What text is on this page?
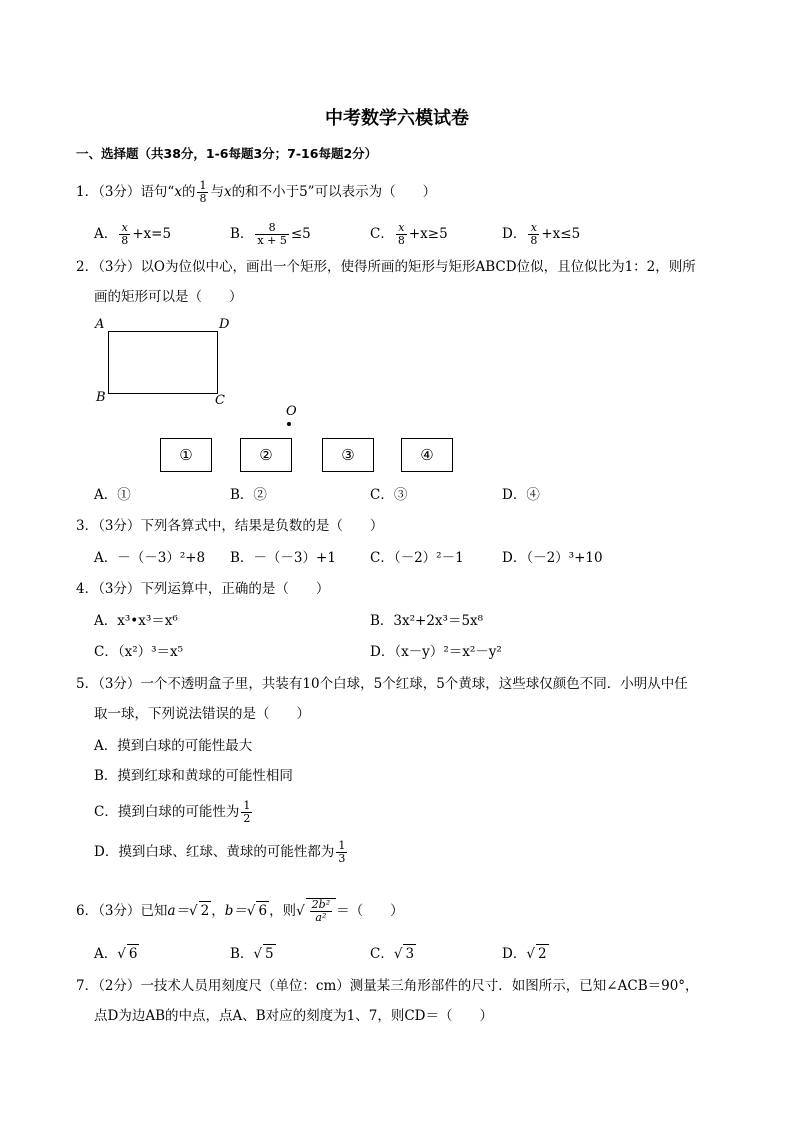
中考数学六模试卷
一、选择题（共38分，1-6每题3分；7-16每题2分）
1．（3分）语句“x的 $\frac{1}{8}$ 与x的和不小于5”可以表示为（　　）
A． $\frac{x}{8} +x=5$	B． $\frac{8}{x + 5} \le 5$	C． $\frac{x}{8} +x\ge 5$	D． $\frac{x}{8} +x\le 5$
2．（3分）以O为位似中心，画出一个矩形，使得所画的矩形与矩形ABCD位似，且位似比为1：2，则所
画的矩形可以是（　　）
A	D
B	C
O
①	②	③	④
A．①	B．②	C．③	D．④
3．（3分）下列各算式中，结果是负数的是（　　）
A．－（－3）²+8 B．－（－3）+1	C．（－2）²－1	D．（－2）³+10
4．（3分）下列运算中，正确的是（　　）
A．x³•x³＝x⁶	B．3x²+2x³＝5x⁸
C．（x²）³＝x⁵	D．（x－y）²＝x²－y²
5．（3分）一个不透明盒子里，共装有10个白球，5个红球，5个黄球，这些球仅颜色不同．小明从中任
取一球，下列说法错误的是（　　）
A．摸到白球的可能性最大
B．摸到红球和黄球的可能性相同
C．摸到白球的可能性为 $\frac{1}{2}$
D．摸到白球、红球、黄球的可能性都为 $\frac{1}{3}$
6．（3分）已知a＝√ 2 ，b＝√ 6 ，则√ $\frac{\text{2b²}}{\text{a²}}$ ＝（　　）
A．√ 6	B．√ 5	C．√ 3	D．√ 2
7．（2分）一技术人员用刻度尺（单位：cm）测量某三角形部件的尺寸．如图所示，已知∠ACB＝90°，
点D为边AB的中点，点A、B对应的刻度为1、7，则CD＝（　　）
